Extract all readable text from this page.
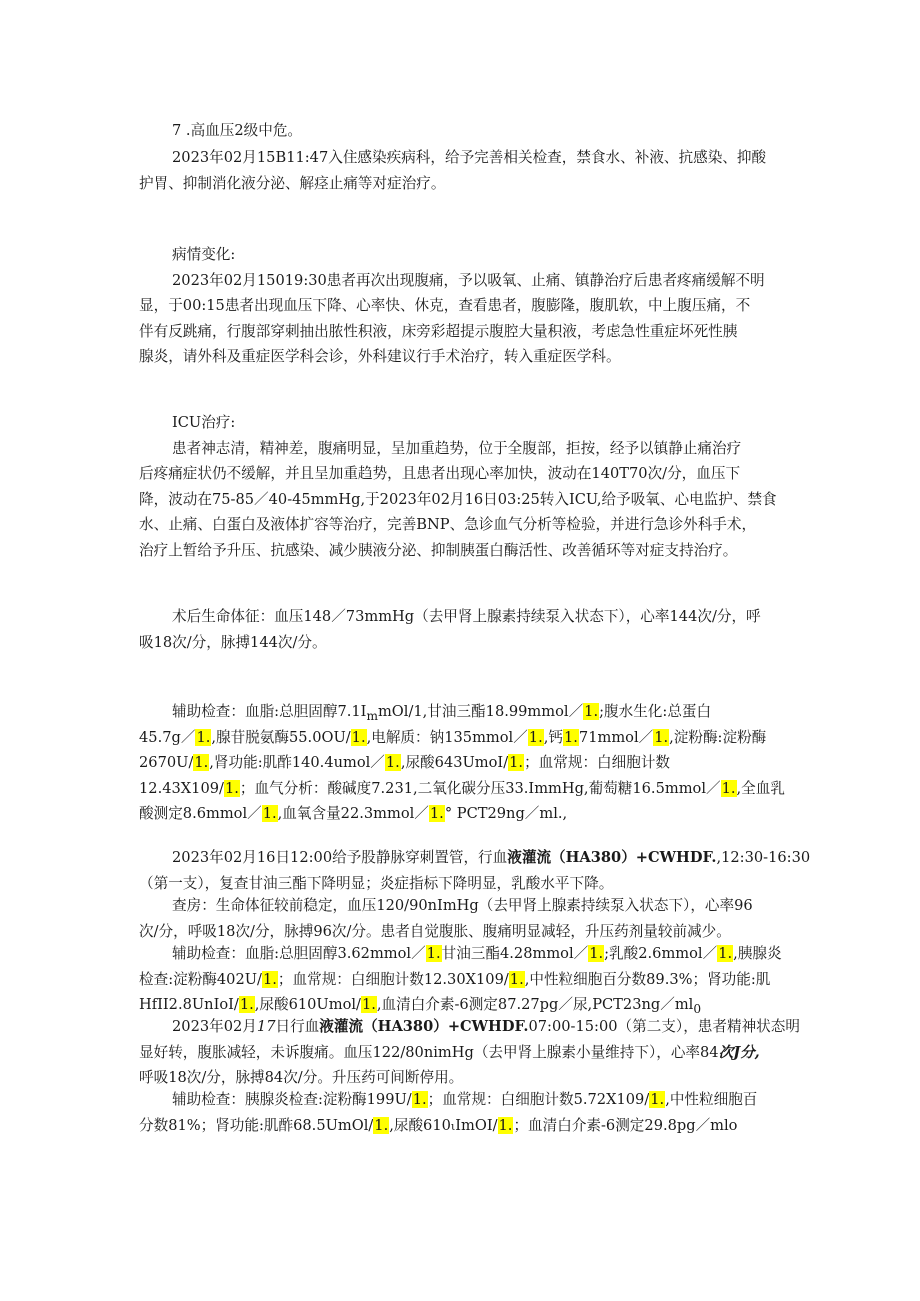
7 .高血压2级中危。
2023年02月15B11:47入住感染疾病科，给予完善相关检查，禁食水、补液、抗感染、抑酸
护胃、抑制消化液分泌、解痉止痛等对症治疗。
病情变化:
2023年02月15019:30患者再次出现腹痛，予以吸氧、止痛、镇静治疗后患者疼痛缓解不明
显，于00:15患者出现血压下降、心率快、休克，查看患者，腹膨隆，腹肌软，中上腹压痛，不
伴有反跳痛，行腹部穿刺抽出脓性积液，床旁彩超提示腹腔大量积液，考虑急性重症坏死性胰
腺炎，请外科及重症医学科会诊，外科建议行手术治疗，转入重症医学科。
ICU治疗:
患者神志清，精神差，腹痛明显，呈加重趋势，位于全腹部，拒按，经予以镇静止痛治疗
后疼痛症状仍不缓解，并且呈加重趋势，且患者出现心率加快，波动在140T70次/分，血压下
降，波动在75-85／40-45mmHg,于2023年02月16日03:25转入ICU,给予吸氧、心电监护、禁食
水、止痛、白蛋白及液体扩容等治疗，完善BNP、急诊血气分析等检验，并进行急诊外科手术，
治疗上暂给予升压、抗感染、减少胰液分泌、抑制胰蛋白酶活性、改善循环等对症支持治疗。
术后生命体征：血压148／73mmHg（去甲肾上腺素持续泵入状态下），心率144次/分，呼
吸18次/分，脉搏144次/分。
辅助检查：血脂:总胆固醇$7.1I_mmOl/1$,甘油三酯18.99mmol／1.;腹水生化:总蛋白
45.7g／1.,腺苷脱氨酶55.0OU/1.,电解质：钠135mmol／1.,钙1.71mmol／1.,淀粉酶:淀粉酶
2670U/1.,肾功能:肌酢140.4umol／1.,尿酸643UmoI/1.；血常规：白细胞计数
12.43X109/1.；血气分析：酸碱度7.231,二氧化碳分压33.ImmHg,葡萄糖16.5mmol／1.,全血乳
酸测定8.6mmol／1.,血氧含量22.3mmol／1.° PCT29ng／ml.,
2023年02月16日12:00给予股静脉穿刺置管，行血液灌流（HA380）+CWHDF.,12:30-16:30
（第一支），复查甘油三酯下降明显；炎症指标下降明显，乳酸水平下降。
查房：生命体征较前稳定，血压120/90nImHg（去甲肾上腺素持续泵入状态下），心率96
次/分，呼吸18次/分，脉搏96次/分。患者自觉腹胀、腹痛明显减轻，升压药剂量较前减少。
辅助检查：血脂:总胆固醇3.62mmol／1.甘油三酯4.28mmol／1.;乳酸2.6mmol／1.,胰腺炎
检查:淀粉酶402U/1.；血常规：白细胞计数12.30X109/1.,中性粒细胞百分数89.3%；肾功能:肌
HfII2.8UnIoI/1.,尿酸610Umol/1.,血清白介素-6测定87.27pg／尿$,PCT23ng/ml_0$
2023年02月17日行血液灌流（HA380）+CWHDF.07:00-15:00（第二支），患者精神状态明
显好转，腹胀减轻，未诉腹痛。血压122/80nimHg（去甲肾上腺素小量维持下），心率84次J分,
呼吸18次/分，脉搏84次/分。升压药可间断停用。
辅助检查：胰腺炎检查:淀粉酶199U/1.；血常规：白细胞计数5.72X109/1.,中性粒细胞百
分数81%；肾功能:肌酢68.5UmOl/1.,尿酸610ιImOI/1.；血清白介素-6测定29.8pg／mlo
